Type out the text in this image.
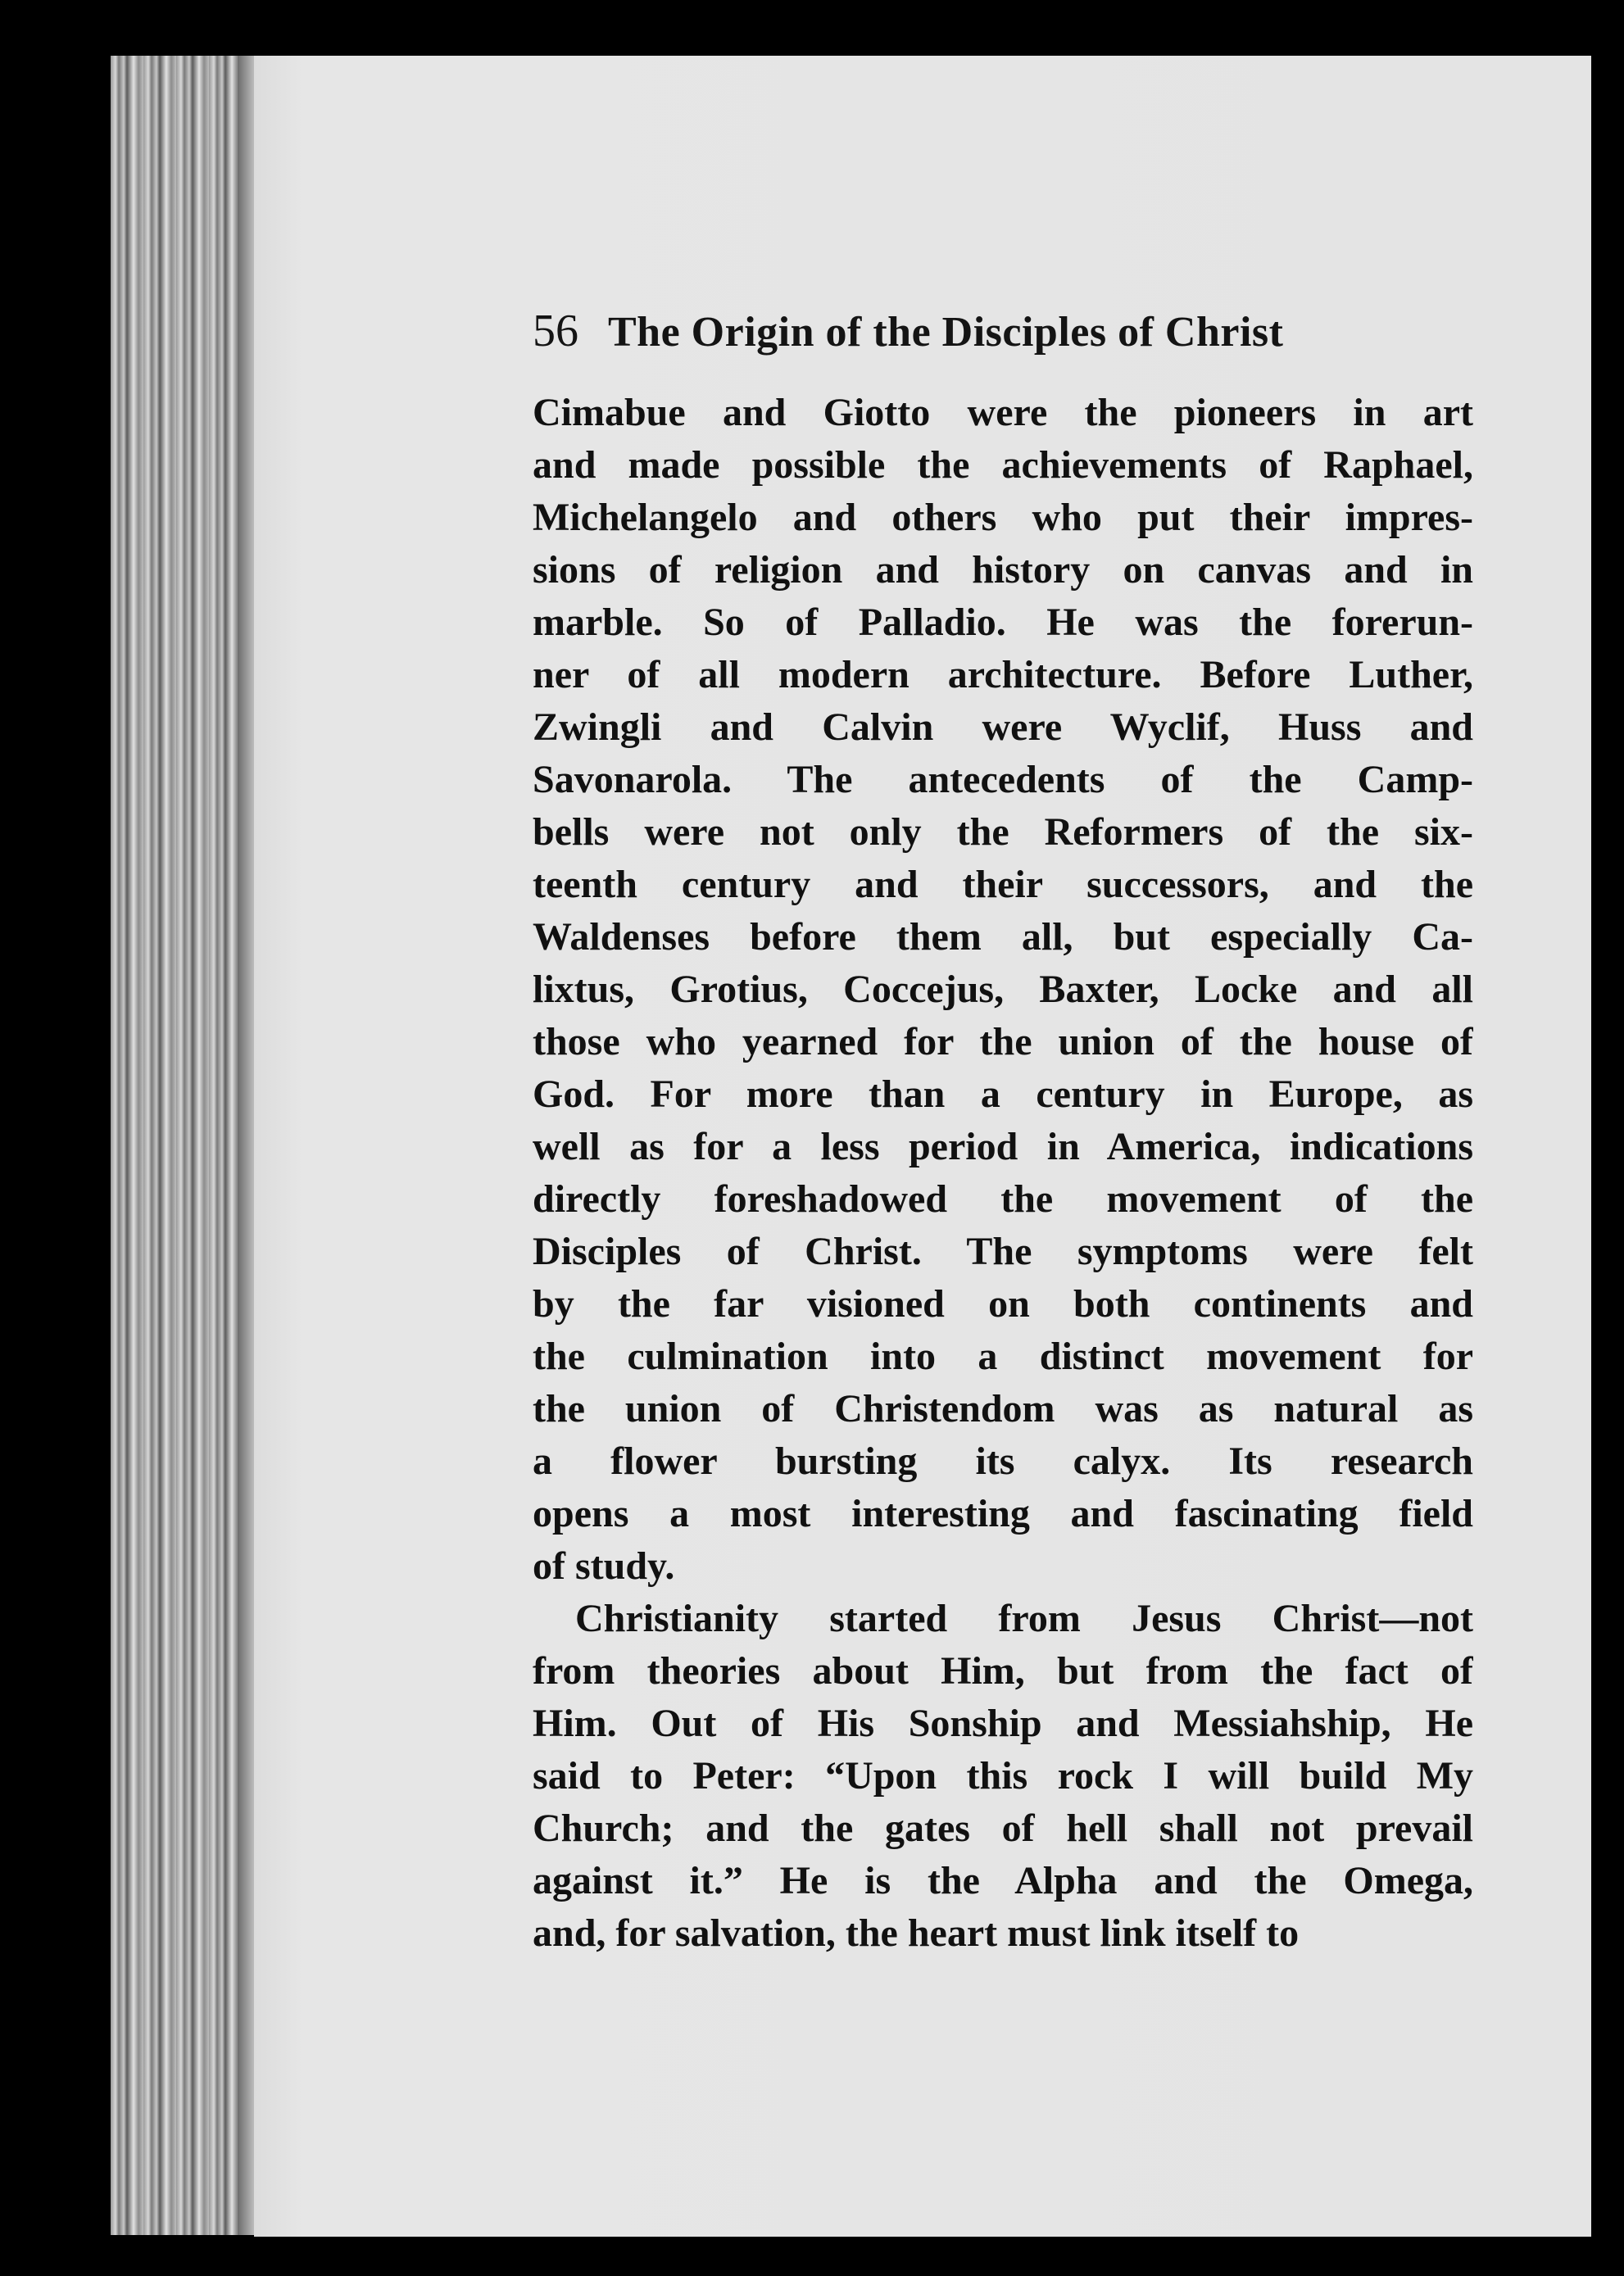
56 The Origin of the Disciples of Christ
Cimabue and Giotto were the pioneers in art
and made possible the achievements of Raphael,
Michelangelo and others who put their impres-
sions of religion and history on canvas and in
marble. So of Palladio. He was the forerun-
ner of all modern architecture. Before Luther,
Zwingli and Calvin were Wyclif, Huss and
Savonarola. The antecedents of the Camp-
bells were not only the Reformers of the six-
teenth century and their successors, and the
Waldenses before them all, but especially Ca-
lixtus, Grotius, Coccejus, Baxter, Locke and all
those who yearned for the union of the house of
God. For more than a century in Europe, as
well as for a less period in America, indications
directly foreshadowed the movement of the
Disciples of Christ. The symptoms were felt
by the far visioned on both continents and
the culmination into a distinct movement for
the union of Christendom was as natural as
a flower bursting its calyx. Its research
opens a most interesting and fascinating field
of study.
Christianity started from Jesus Christ—not
from theories about Him, but from the fact of
Him. Out of His Sonship and Messiahship, He
said to Peter: “Upon this rock I will build My
Church; and the gates of hell shall not prevail
against it.” He is the Alpha and the Omega,
and, for salvation, the heart must link itself to
